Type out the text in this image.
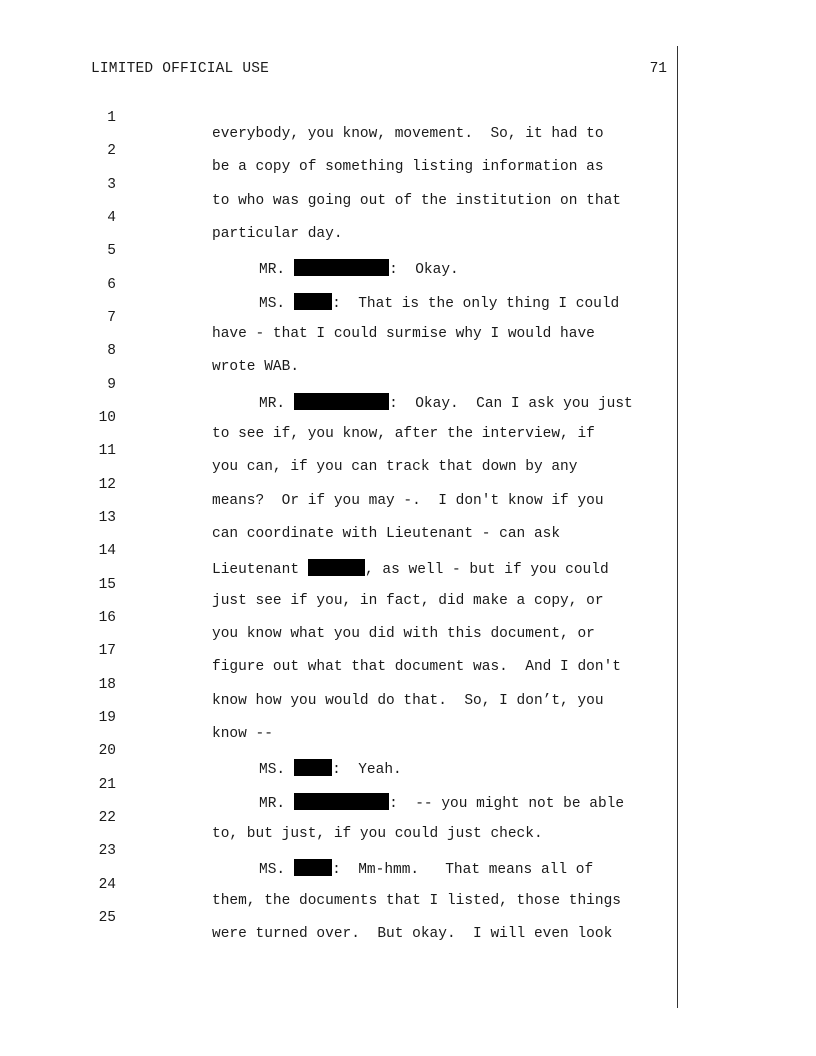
LIMITED OFFICIAL USE	71

1

everybody, you know, movement.  So, it had to

2

be a copy of something listing information as

3

to who was going out of the institution on that

4

particular day.

5

MR.	:  Okay.

6

MS.	:  That is the only thing I could

7

have - that I could surmise why I would have

8

wrote WAB.

9

MR.	:  Okay.  Can I ask you just

10

to see if, you know, after the interview, if

11

you can, if you can track that down by any

12

means?  Or if you may -.  I don't know if you

13

can coordinate with Lieutenant - can ask

14

Lieutenant	, as well - but if you could

15

just see if you, in fact, did make a copy, or

16

you know what you did with this document, or

17

figure out what that document was.  And I don't

18

know how you would do that.  So, I don’t, you

19

know --

20

MS.	:  Yeah.

21

MR.	:  -- you might not be able

22

to, but just, if you could just check.

23

MS.	:  Mm-hmm.   That means all of

24

them, the documents that I listed, those things

25

were turned over.  But okay.  I will even look
